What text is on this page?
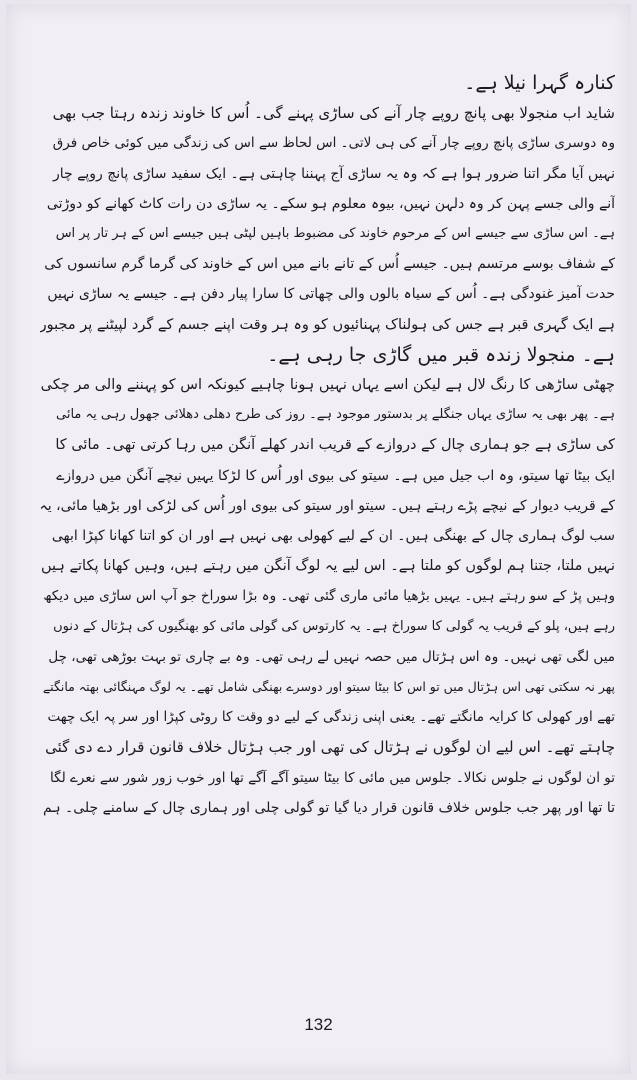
کنارہ گہرا نیلا ہے۔
شاید اب منجولا بھی پانچ روپے چار آنے کی ساڑی پہنے گی۔ اُس کا خاوند زندہ رہتا جب بھی
وہ دوسری ساڑی پانچ روپے چار آنے کی ہی لاتی۔ اس لحاظ سے اس کی زندگی میں کوئی خاص فرق
نہیں آیا مگر اتنا ضرور ہوا ہے کہ وہ یہ ساڑی آج پہننا چاہتی ہے۔ ایک سفید ساڑی پانچ روپے چار
آنے والی جسے پہن کر وہ دلہن نہیں، بیوہ معلوم ہو سکے۔ یہ ساڑی دن رات کاٹ کھانے کو دوڑتی
ہے۔ اس ساڑی سے جیسے اس کے مرحوم خاوند کی مضبوط باہیں لپٹی ہیں جیسے اس کے ہر تار پر اس
کے شفاف بوسے مرتسم ہیں۔ جیسے اُس کے تانے بانے میں اس کے خاوند کی گرما گرم سانسوں کی
حدت آمیز غنودگی ہے۔ اُس کے سیاہ بالوں والی چھاتی کا سارا پیار دفن ہے۔ جیسے یہ ساڑی نہیں
ہے ایک گہری قبر ہے جس کی ہولناک پہنائیوں کو وہ ہر وقت اپنے جسم کے گرد لپیٹنے پر مجبور
ہے۔ منجولا زندہ قبر میں گاڑی جا رہی ہے۔
چھٹی ساڑھی کا رنگ لال ہے لیکن اسے یہاں نہیں ہونا چاہیے کیونکہ اس کو پہننے والی مر چکی
ہے۔ پھر بھی یہ ساڑی یہاں جنگلے پر بدستور موجود ہے۔ روز کی طرح دھلی دھلائی جھول رہی یہ مائی
کی ساڑی ہے جو ہماری چال کے دروازے کے قریب اندر کھلے آنگن میں رہا کرتی تھی۔ مائی کا
ایک بیٹا تھا سیتو، وہ اب جیل میں ہے۔ سیتو کی بیوی اور اُس کا لڑکا یہیں نیچے آنگن میں دروازے
کے قریب دیوار کے نیچے پڑے رہتے ہیں۔ سیتو اور سیتو کی بیوی اور اُس کی لڑکی اور بڑھیا مائی، یہ
سب لوگ ہماری چال کے بھنگی ہیں۔ ان کے لیے کھولی بھی نہیں ہے اور ان کو اتنا کھانا کپڑا ابھی
نہیں ملتا، جتنا ہم لوگوں کو ملتا ہے۔ اس لیے یہ لوگ آنگن میں رہتے ہیں، وہیں کھانا پکاتے ہیں
وہیں پڑ کے سو رہتے ہیں۔ یہیں بڑھیا مائی ماری گئی تھی۔ وہ بڑا سوراخ جو آپ اس ساڑی میں دیکھ
رہے ہیں، پلو کے قریب یہ گولی کا سوراخ ہے۔ یہ کارتوس کی گولی مائی کو بھنگیوں کی ہڑتال کے دنوں
میں لگی تھی نہیں۔ وہ اس ہڑتال میں حصہ نہیں لے رہی تھی۔ وہ بے چاری تو بہت بوڑھی تھی، چل
پھر نہ سکتی تھی اس ہڑتال میں تو اس کا بیٹا سیتو اور دوسرے بھنگی شامل تھے۔ یہ لوگ مہنگائی بھتہ مانگتے
تھے اور کھولی کا کرایہ مانگتے تھے۔ یعنی اپنی زندگی کے لیے دو وقت کا روٹی کپڑا اور سر پہ ایک چھت
چاہتے تھے۔ اس لیے ان لوگوں نے ہڑتال کی تھی اور جب ہڑتال خلاف قانون قرار دے دی گئی
تو ان لوگوں نے جلوس نکالا۔ جلوس میں مائی کا بیٹا سیتو آگے آگے تھا اور خوب زور شور سے نعرے لگا
تا تھا اور پھر جب جلوس خلاف قانون قرار دیا گیا تو گولی چلی اور ہماری چال کے سامنے چلی۔ ہم
132
